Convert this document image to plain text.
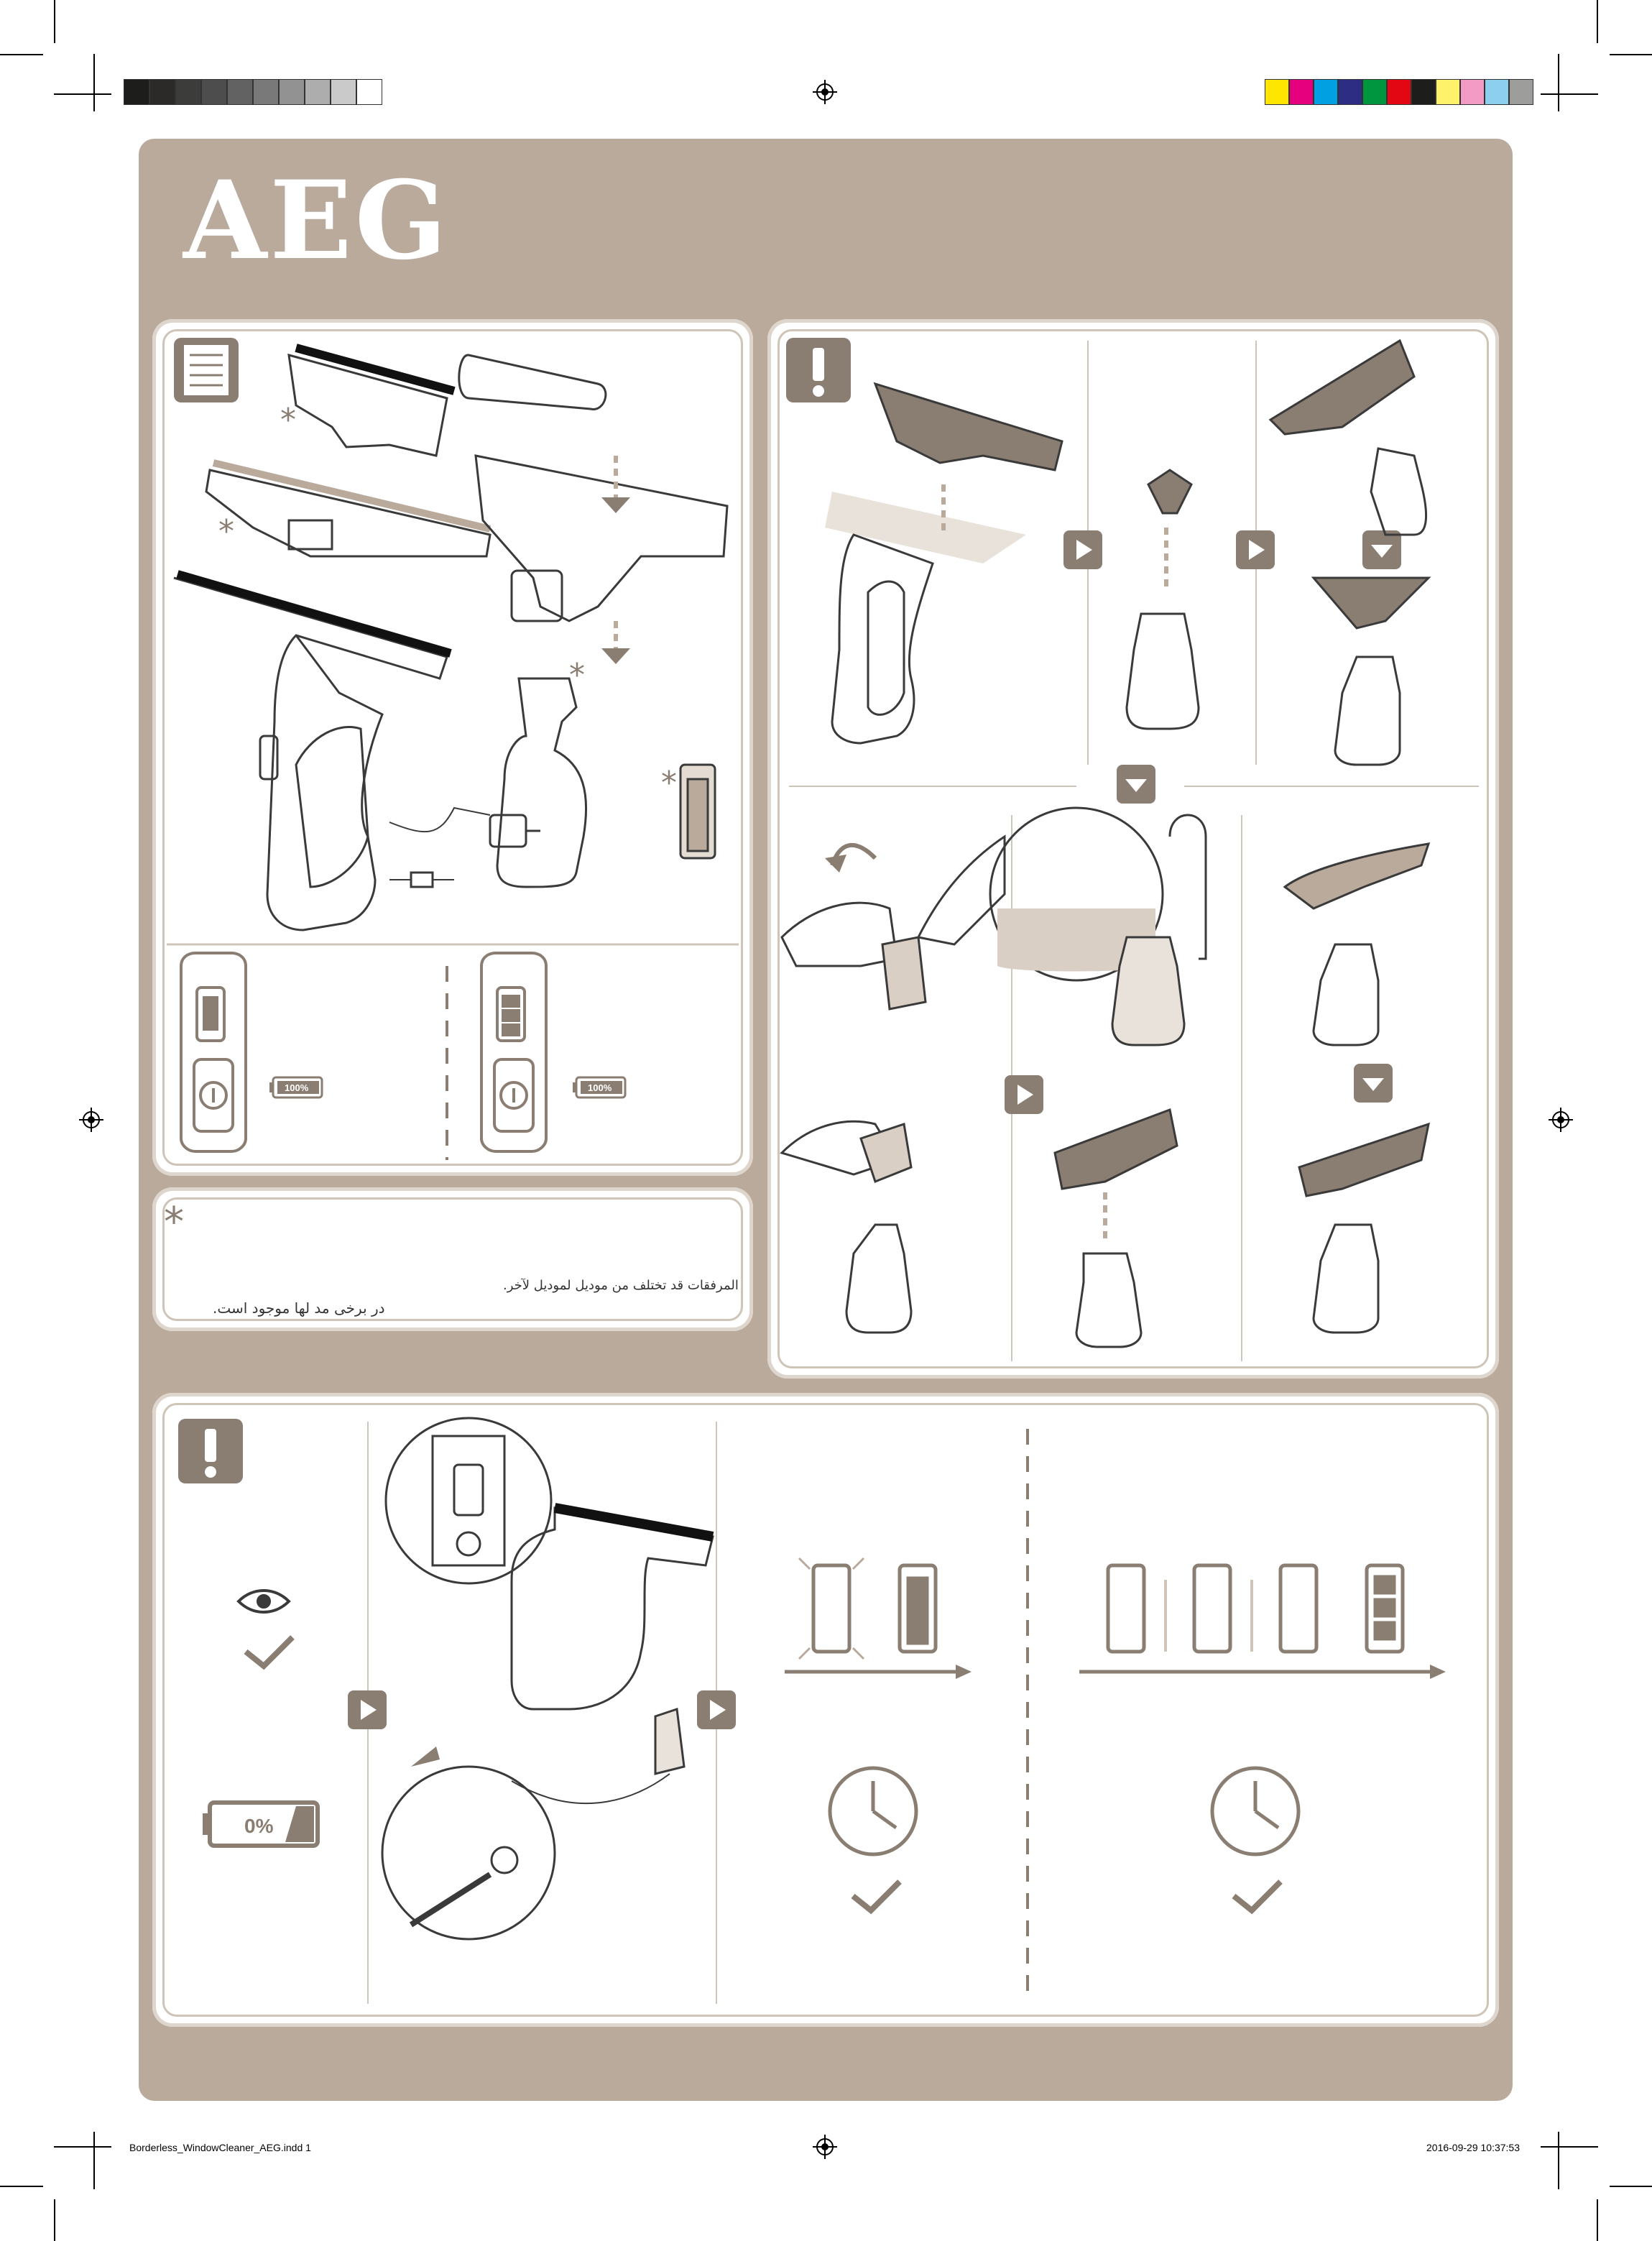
AEG
*
*
*
*
100%	100%
*
المرفقات قد تختلف من موديل لموديل لآخر.
در برخی مد لها موجود است.
0%
Borderless_WindowCleaner_AEG.indd 1	2016-09-29 10:37:53
